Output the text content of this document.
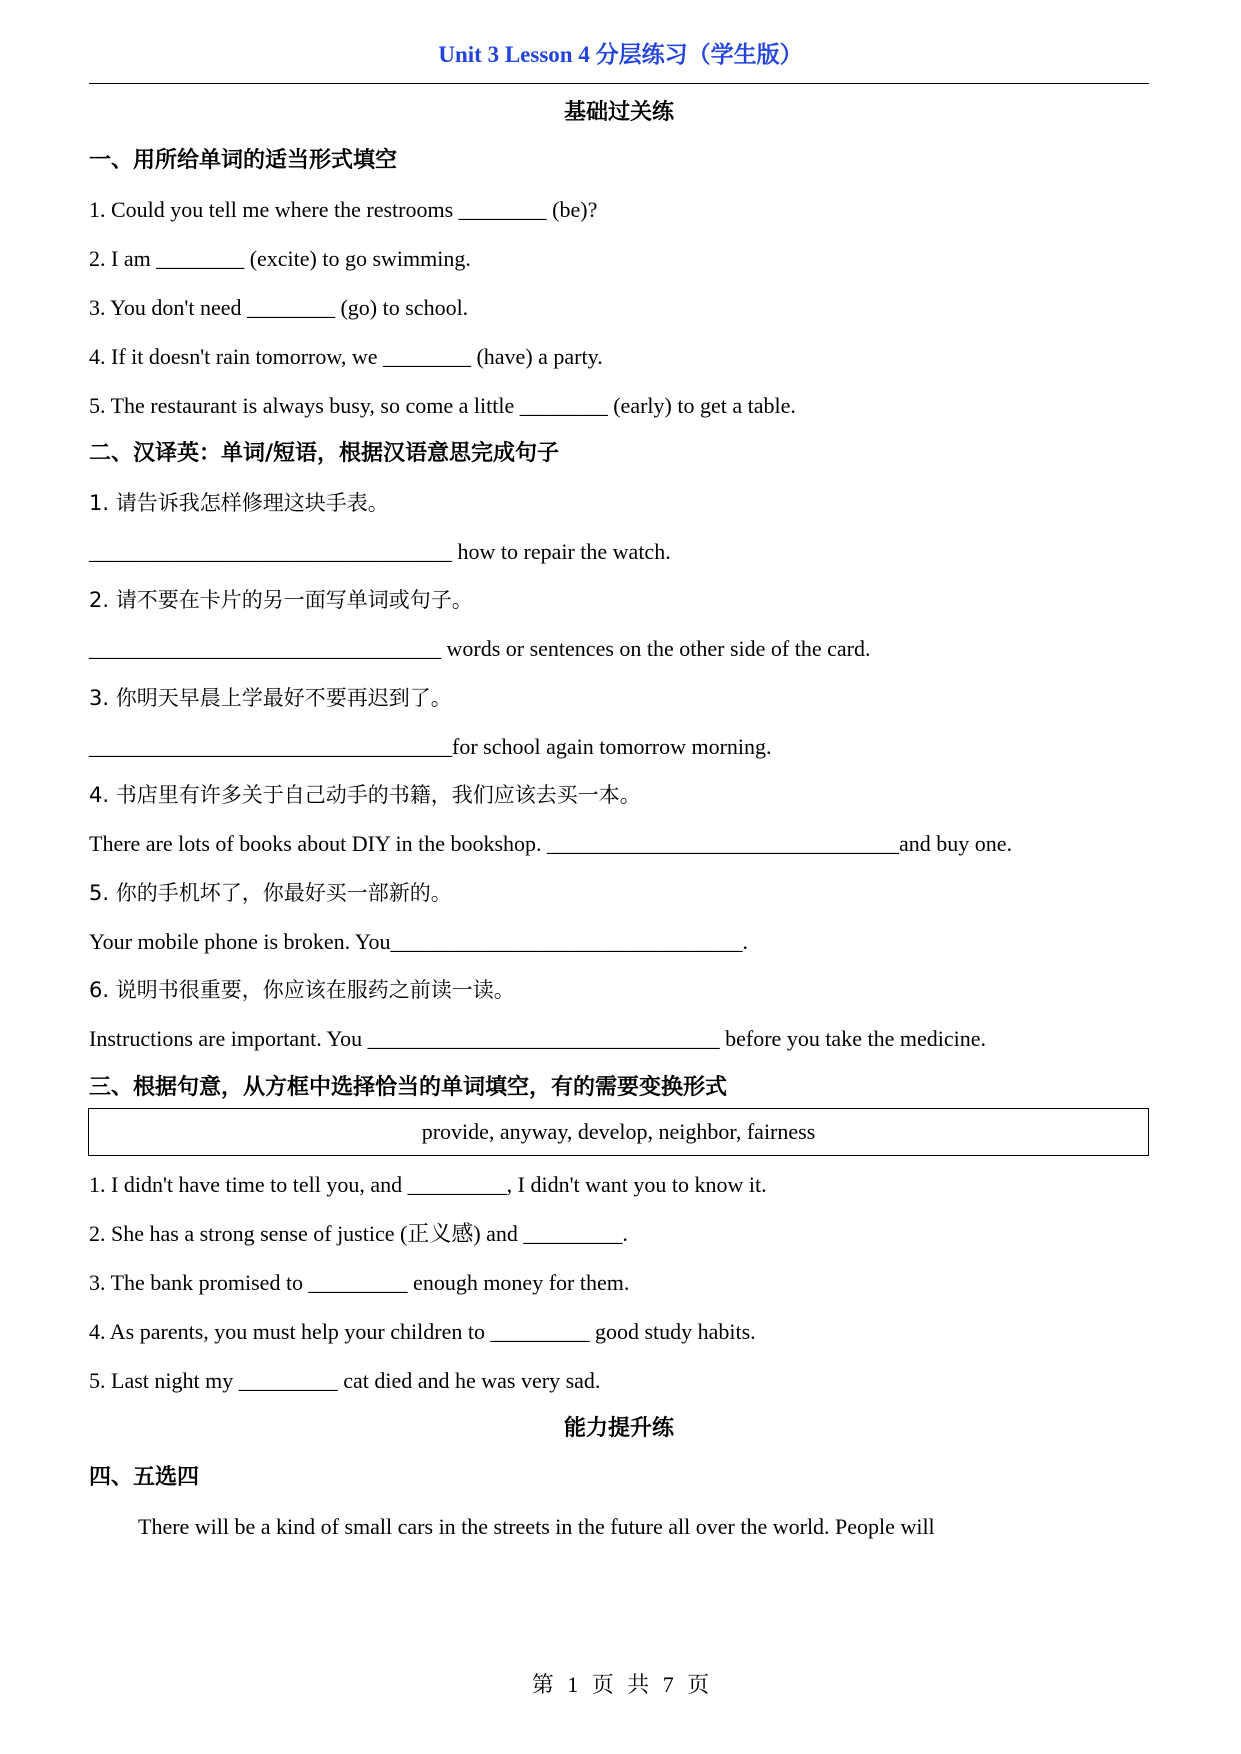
Unit 3 Lesson 4 分层练习（学生版）
基础过关练
一、用所给单词的适当形式填空
1. Could you tell me where the restrooms ________ (be)?
2. I am ________ (excite) to go swimming.
3. You don't need ________ (go) to school.
4. If it doesn't rain tomorrow, we ________ (have) a party.
5. The restaurant is always busy, so come a little ________ (early) to get a table.
二、汉译英：单词/短语，根据汉语意思完成句子
1. 请告诉我怎样修理这块手表。
_________________________________ how to repair the watch.
2. 请不要在卡片的另一面写单词或句子。
________________________________ words or sentences on the other side of the card.
3. 你明天早晨上学最好不要再迟到了。
_________________________________for school again tomorrow morning.
4. 书店里有许多关于自己动手的书籍，我们应该去买一本。
There are lots of books about DIY in the bookshop. ________________________________and buy one.
5. 你的手机坏了，你最好买一部新的。
Your mobile phone is broken. You________________________________.
6. 说明书很重要，你应该在服药之前读一读。
Instructions are important. You ________________________________ before you take the medicine.
三、根据句意，从方框中选择恰当的单词填空，有的需要变换形式
provide, anyway, develop, neighbor, fairness
1. I didn't have time to tell you, and _________, I didn't want you to know it.
2. She has a strong sense of justice (正义感) and _________.
3. The bank promised to _________ enough money for them.
4. As parents, you must help your children to _________ good study habits.
5. Last night my _________ cat died and he was very sad.
能力提升练
四、五选四
There will be a kind of small cars in the streets in the future all over the world. People will
第 1 页 共 7 页
